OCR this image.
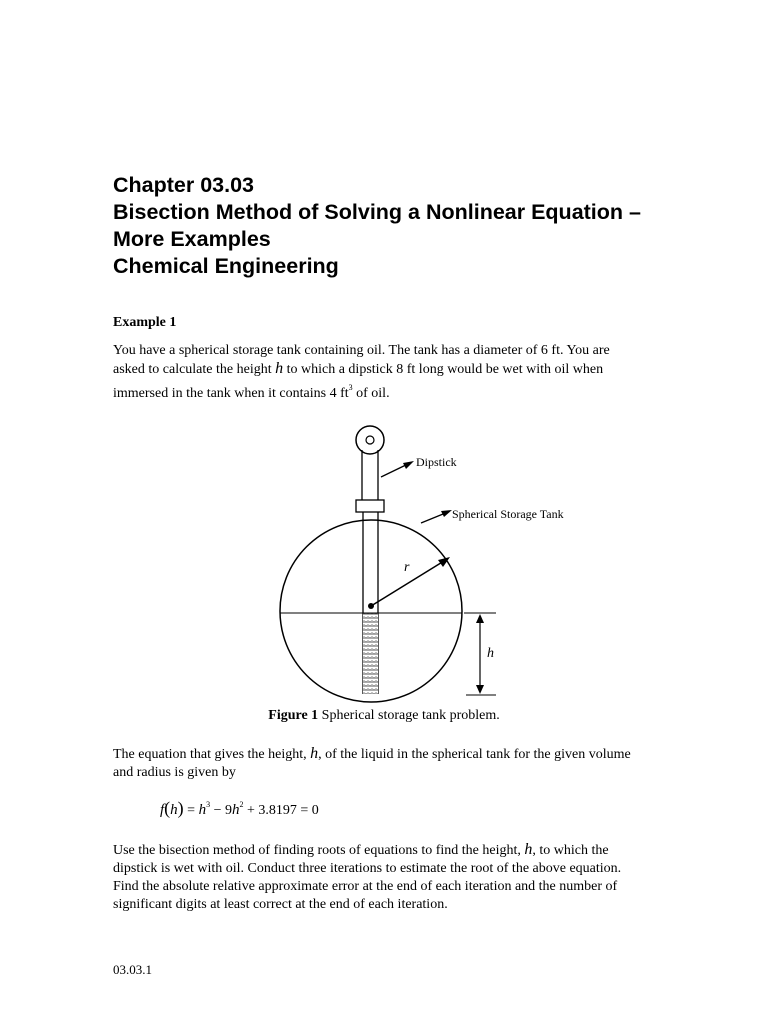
Chapter 03.03
Bisection Method of Solving a Nonlinear Equation –
More Examples
Chemical Engineering
Example 1
You have a spherical storage tank containing oil. The tank has a diameter of 6 ft. You are
asked to calculate the height h to which a dipstick 8 ft long would be wet with oil when
immersed in the tank when it contains 4 $ft^3$ of oil.
Dipstick
Spherical Storage Tank
r
h
Figure 1 Spherical storage tank problem.
The equation that gives the height, h, of the liquid in the spherical tank for the given volume
and radius is given by
$f(h) = h^3 - 9h^2 + 3.8197 = 0$
Use the bisection method of finding roots of equations to find the height, h, to which the
dipstick is wet with oil. Conduct three iterations to estimate the root of the above equation.
Find the absolute relative approximate error at the end of each iteration and the number of
significant digits at least correct at the end of each iteration.
03.03.1
